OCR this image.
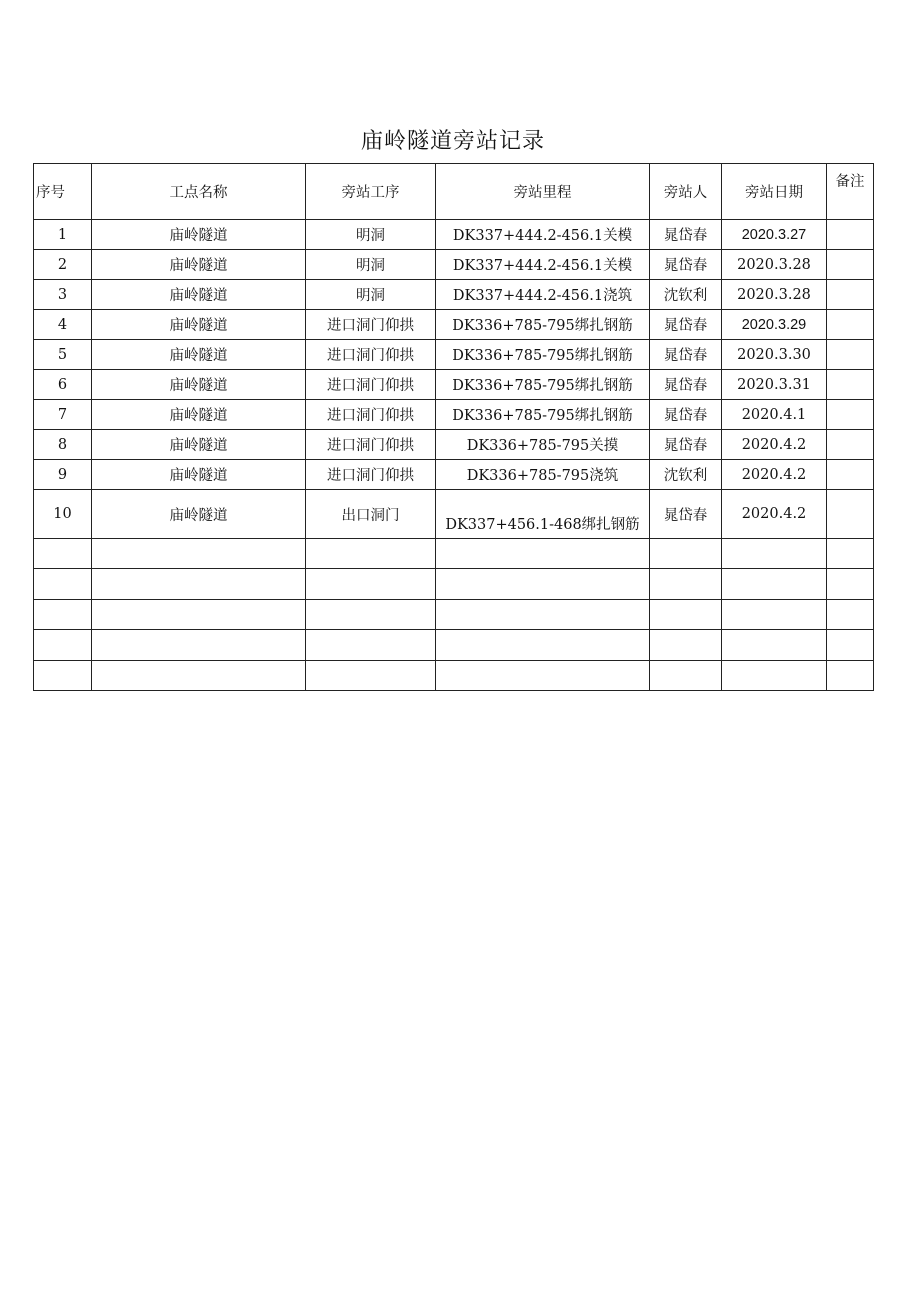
庙岭隧道旁站记录
序号	工点名称	旁站工序	旁站里程	旁站人	旁站日期	备注
1	庙岭隧道	明洞	DK337+444.2-456.1关模	晁岱春	2020.3.27	
2	庙岭隧道	明洞	DK337+444.2-456.1关模	晁岱春	2020.3.28	
3	庙岭隧道	明洞	DK337+444.2-456.1浇筑	沈钦利	2020.3.28	
4	庙岭隧道	进口洞门仰拱	DK336+785-795绑扎钢筋	晁岱春	2020.3.29	
5	庙岭隧道	进口洞门仰拱	DK336+785-795绑扎钢筋	晁岱春	2020.3.30	
6	庙岭隧道	进口洞门仰拱	DK336+785-795绑扎钢筋	晁岱春	2020.3.31	
7	庙岭隧道	进口洞门仰拱	DK336+785-795绑扎钢筋	晁岱春	2020.4.1	
8	庙岭隧道	进口洞门仰拱	DK336+785-795关摸	晁岱春	2020.4.2	
9	庙岭隧道	进口洞门仰拱	DK336+785-795浇筑	沈钦利	2020.4.2	
10	庙岭隧道	出口洞门	DK337+456.1-468绑扎钢筋	晁岱春	2020.4.2	
